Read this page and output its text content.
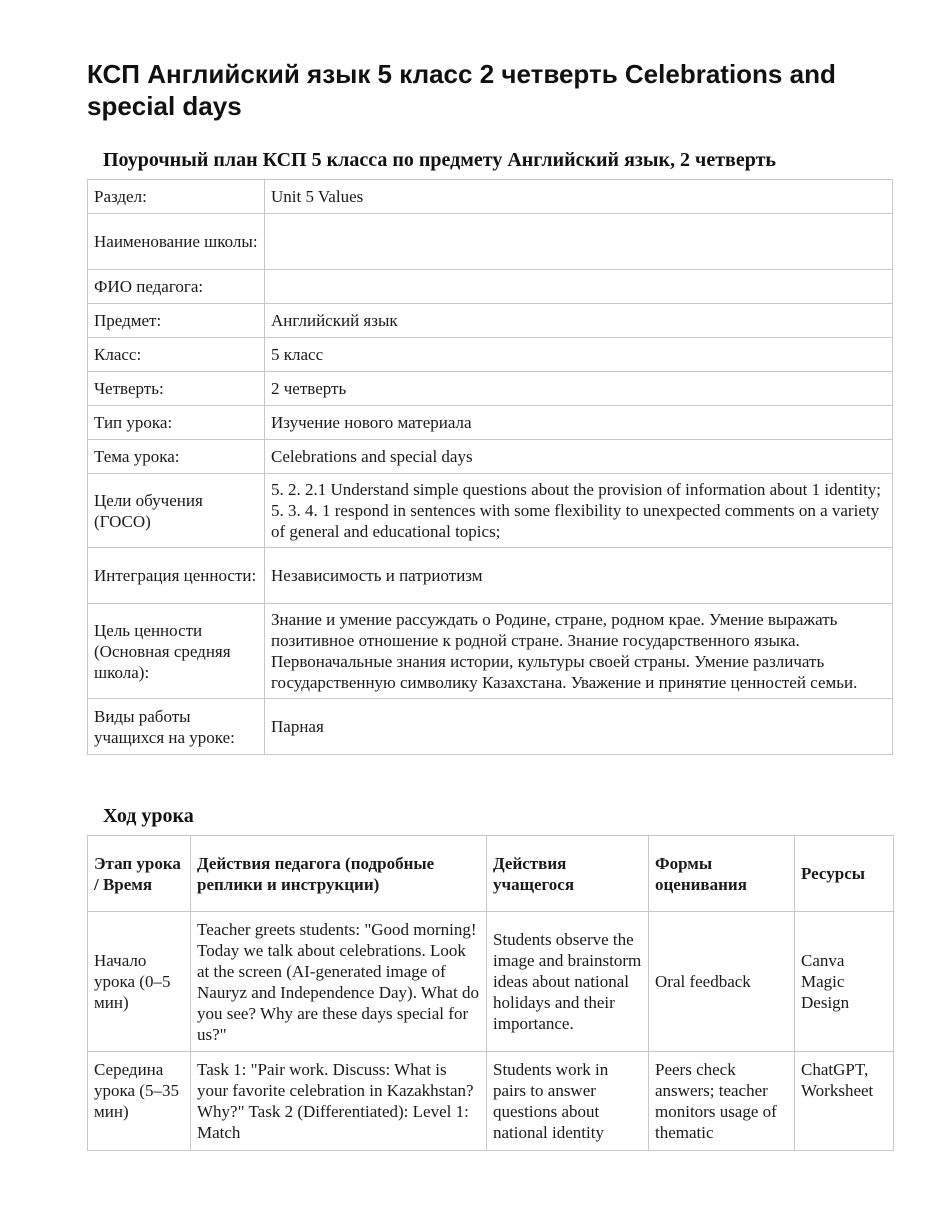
КСП Английский язык 5 класс 2 четверть Celebrations and special days
Поурочный план КСП 5 класса по предмету Английский язык, 2 четверть
Раздел:	Unit 5 Values
Наименование школы:	
ФИО педагога:	
Предмет:	Английский язык
Класс:	5 класс
Четверть:	2 четверть
Тип урока:	Изучение нового материала
Тема урока:	Celebrations and special days
Цели обучения (ГОСО)	5. 2. 2.1 Understand simple questions about the provision of information about 1 identity; 5. 3. 4. 1 respond in sentences with some flexibility to unexpected comments on a variety of general and educational topics;
Интеграция ценности:	Независимость и патриотизм
Цель ценности (Основная средняя школа):	Знание и умение рассуждать о Родине, стране, родном крае. Умение выражать позитивное отношение к родной стране. Знание государственного языка. Первоначальные знания истории, культуры своей страны. Умение различать государственную символику Казахстана. Уважение и принятие ценностей семьи.
Виды работы учащихся на уроке:	Парная
Ход урока
Этап урока / Время	Действия педагога (подробные реплики и инструкции)	Действия учащегося	Формы оценивания	Ресурсы
Начало урока (0–5 мин)	Teacher greets students: "Good morning! Today we talk about celebrations. Look at the screen (AI-generated image of Nauryz and Independence Day). What do you see? Why are these days special for us?"	Students observe the image and brainstorm ideas about national holidays and their importance.	Oral feedback	Canva Magic Design

Середина урока (5–35 мин)	Task 1: "Pair work. Discuss: What is your favorite celebration in Kazakhstan? Why?" Task 2 (Differentiated): Level 1: Match	Students work in pairs to answer questions about national identity	Peers check answers; teacher monitors usage of thematic	ChatGPT, Worksheet
